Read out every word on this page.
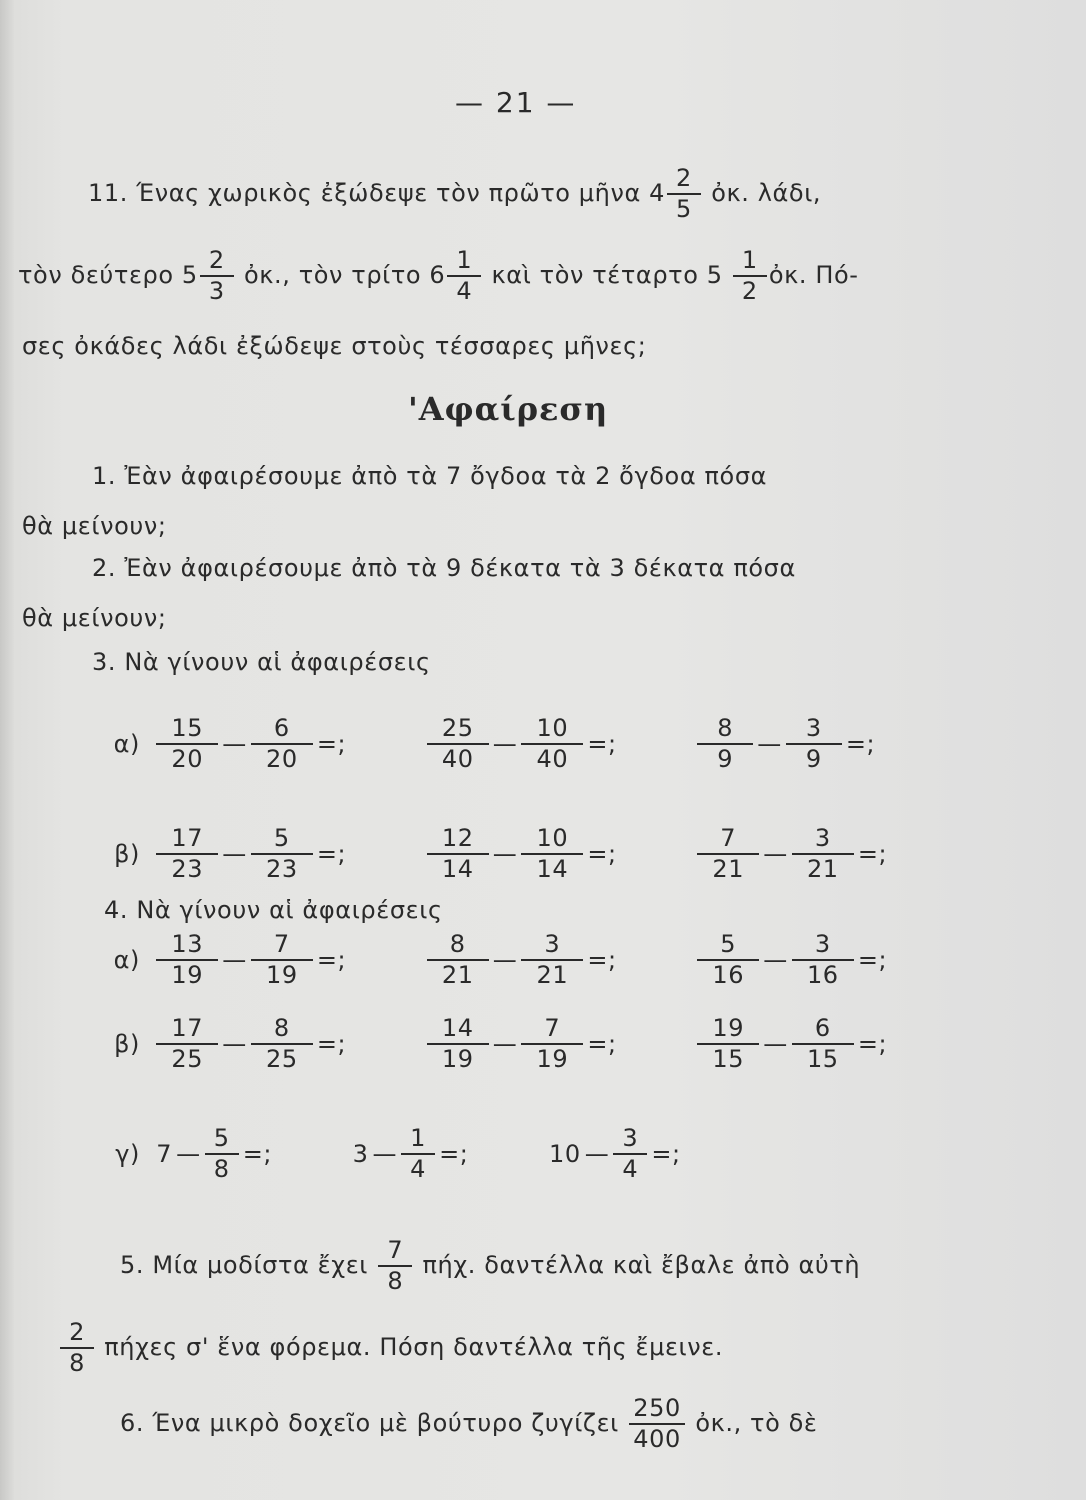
— 21 —
11. Ένας χωρικὸς ἐξώδεψε τὸν πρῶτο μῆνα $4 \frac{2}{5}$ ὀκ. λάδι,
τὸν δεύτερο $5 \frac{2}{3}$ ὀκ., τὸν τρίτο $6 \frac{1}{4}$ καὶ τὸν τέταρτο $5 \frac{1}{2}$ ὀκ. Πό-
σες ὀκάδες λάδι ἐξώδεψε στοὺς τέσσαρες μῆνες;
'Αφαίρεση
1. Ἐὰν ἀφαιρέσουμε ἀπὸ τὰ 7 ὄγδοα τὰ 2 ὄγδοα πόσα
θὰ μείνουν;
2. Ἐὰν ἀφαιρέσουμε ἀπὸ τὰ 9 δέκατα τὰ 3 δέκατα πόσα
θὰ μείνουν;
3. Νὰ γίνουν αἱ ἀφαιρέσεις
$\alpha) \frac{15}{20}$ — $\frac{6}{20}$ =;	$\frac{25}{40}$ — $\frac{10}{40}$ =;	$\frac{8}{9}$ — $\frac{3}{9}$ =;
$\beta) \frac{17}{23}$ — $\frac{5}{23}$ =;	$\frac{12}{14}$ — $\frac{10}{14}$ =;	$\frac{7}{21}$ — $\frac{3}{21}$ =;
4. Νὰ γίνουν αἱ ἀφαιρέσεις
$\alpha) \frac{13}{19}$ — $\frac{7}{19}$ =;	$\frac{8}{21}$ — $\frac{3}{21}$ =;	$\frac{5}{16}$ — $\frac{3}{16}$ =;
$\beta) \frac{17}{25}$ — $\frac{8}{25}$ =;	$\frac{14}{19}$ — $\frac{7}{19}$ =;	$\frac{19}{15}$ — $\frac{6}{15}$ =;
γ) 7 — $\frac{5}{8}$ =;	3 — $\frac{1}{4}$ =;	10 — $\frac{3}{4}$ =;
5. Μία μοδίστα ἔχει $\frac{7}{8} \pi ή\chi$. δαντέλλα καὶ ἔβαλε ἀπὸ αὐτὴ
$\frac{2}{8}$ πήχες σ' ἕνα φόρεμα. Πόση δαντέλλα τῆς ἔμεινε.
6. Ένα μικρὸ δοχεῖο μὲ βούτυρο ζυγίζει $\frac{250}{400}$ ὀκ., τὸ δὲ
